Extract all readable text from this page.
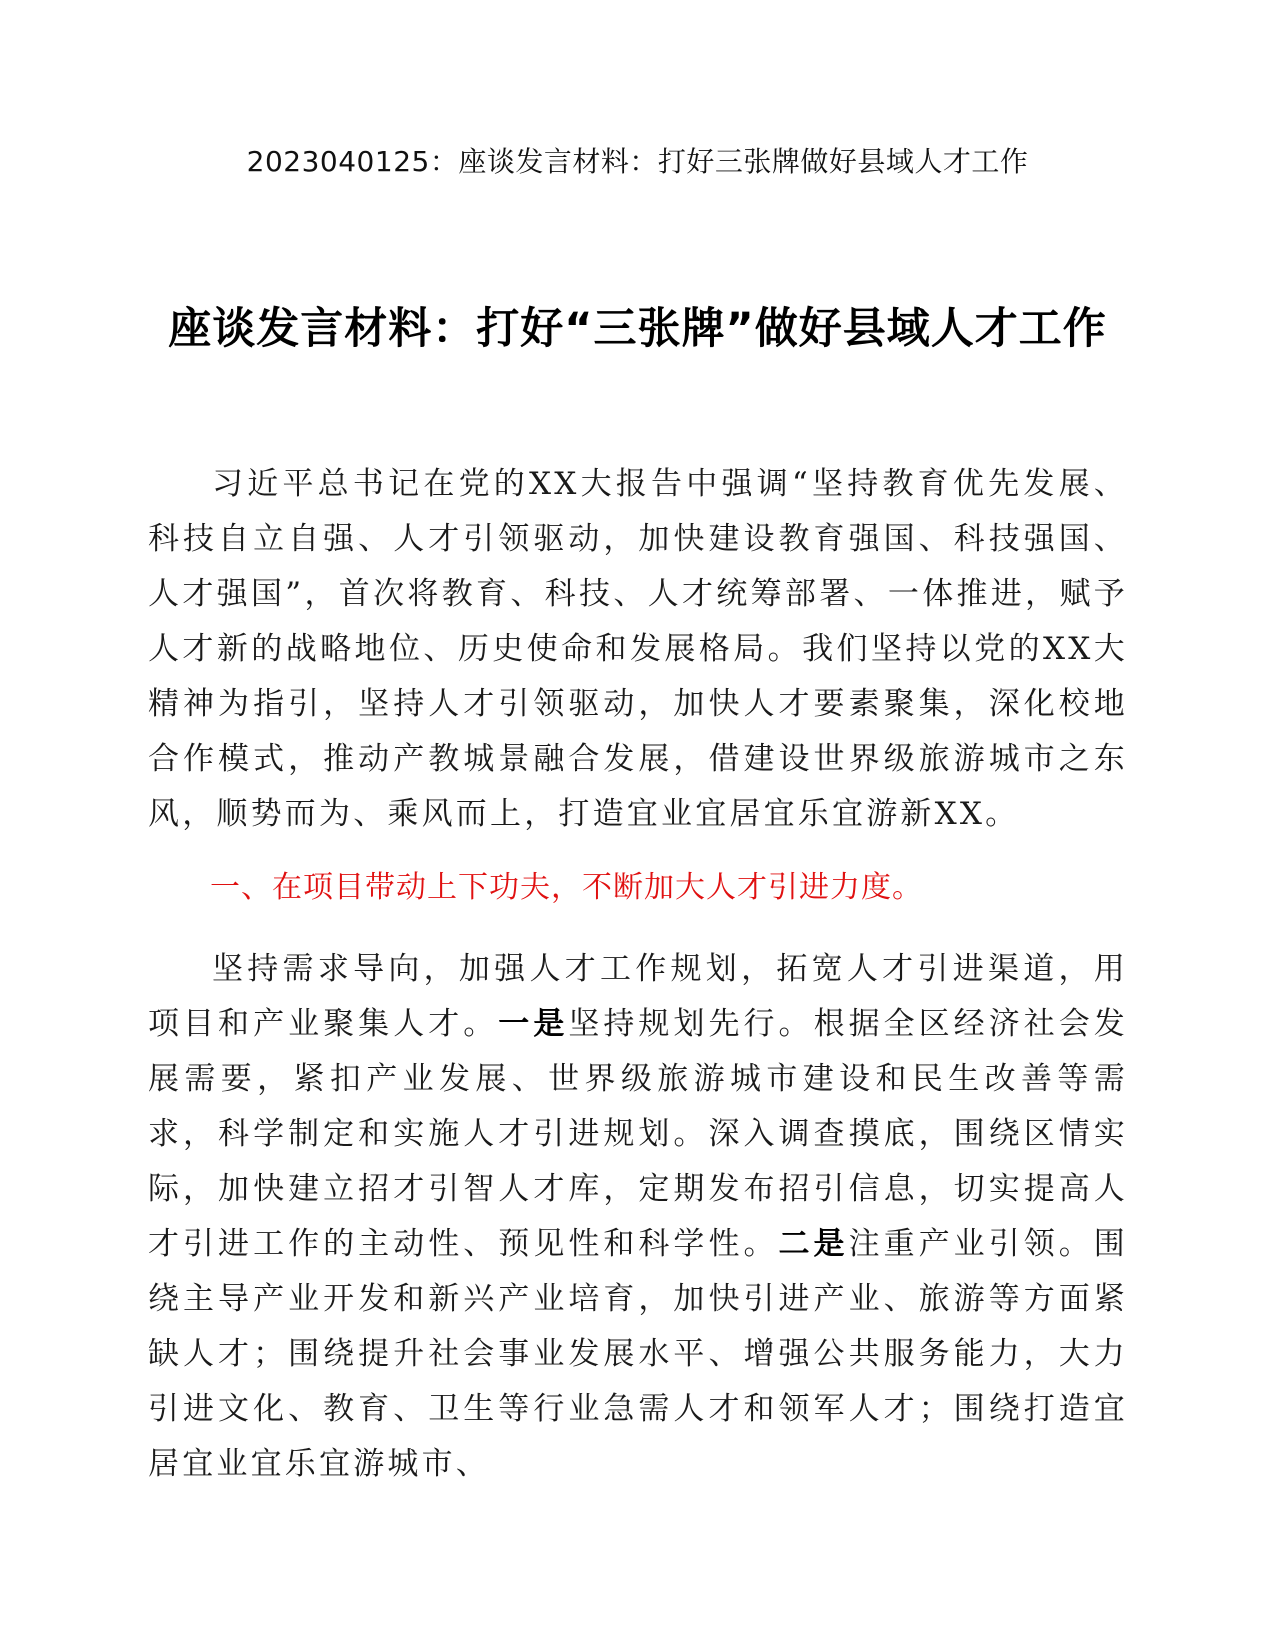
2023040125：座谈发言材料：打好三张牌做好县域人才工作
座谈发言材料：打好“三张牌”做好县域人才工作

习近平总书记在党的XX大报告中强调“坚持教育优先发展、科技自立自强、人才引领驱动，加快建设教育强国、科技强国、人才强国”，首次将教育、科技、人才统筹部署、一体推进，赋予人才新的战略地位、历史使命和发展格局。我们坚持以党的XX大精神为指引，坚持人才引领驱动，加快人才要素聚集，深化校地合作模式，推动产教城景融合发展，借建设世界级旅游城市之东风，顺势而为、乘风而上，打造宜业宜居宜乐宜游新XX。

一、在项目带动上下功夫，不断加大人才引进力度。

坚持需求导向，加强人才工作规划，拓宽人才引进渠道，用项目和产业聚集人才。一是坚持规划先行。根据全区经济社会发展需要，紧扣产业发展、世界级旅游城市建设和民生改善等需求，科学制定和实施人才引进规划。深入调查摸底，围绕区情实际，加快建立招才引智人才库，定期发布招引信息，切实提高人才引进工作的主动性、预见性和科学性。二是注重产业引领。围绕主导产业开发和新兴产业培育，加快引进产业、旅游等方面紧缺人才；围绕提升社会事业发展水平、增强公共服务能力，大力引进文化、教育、卫生等行业急需人才和领军人才；围绕打造宜居宜业宜乐宜游城市、
